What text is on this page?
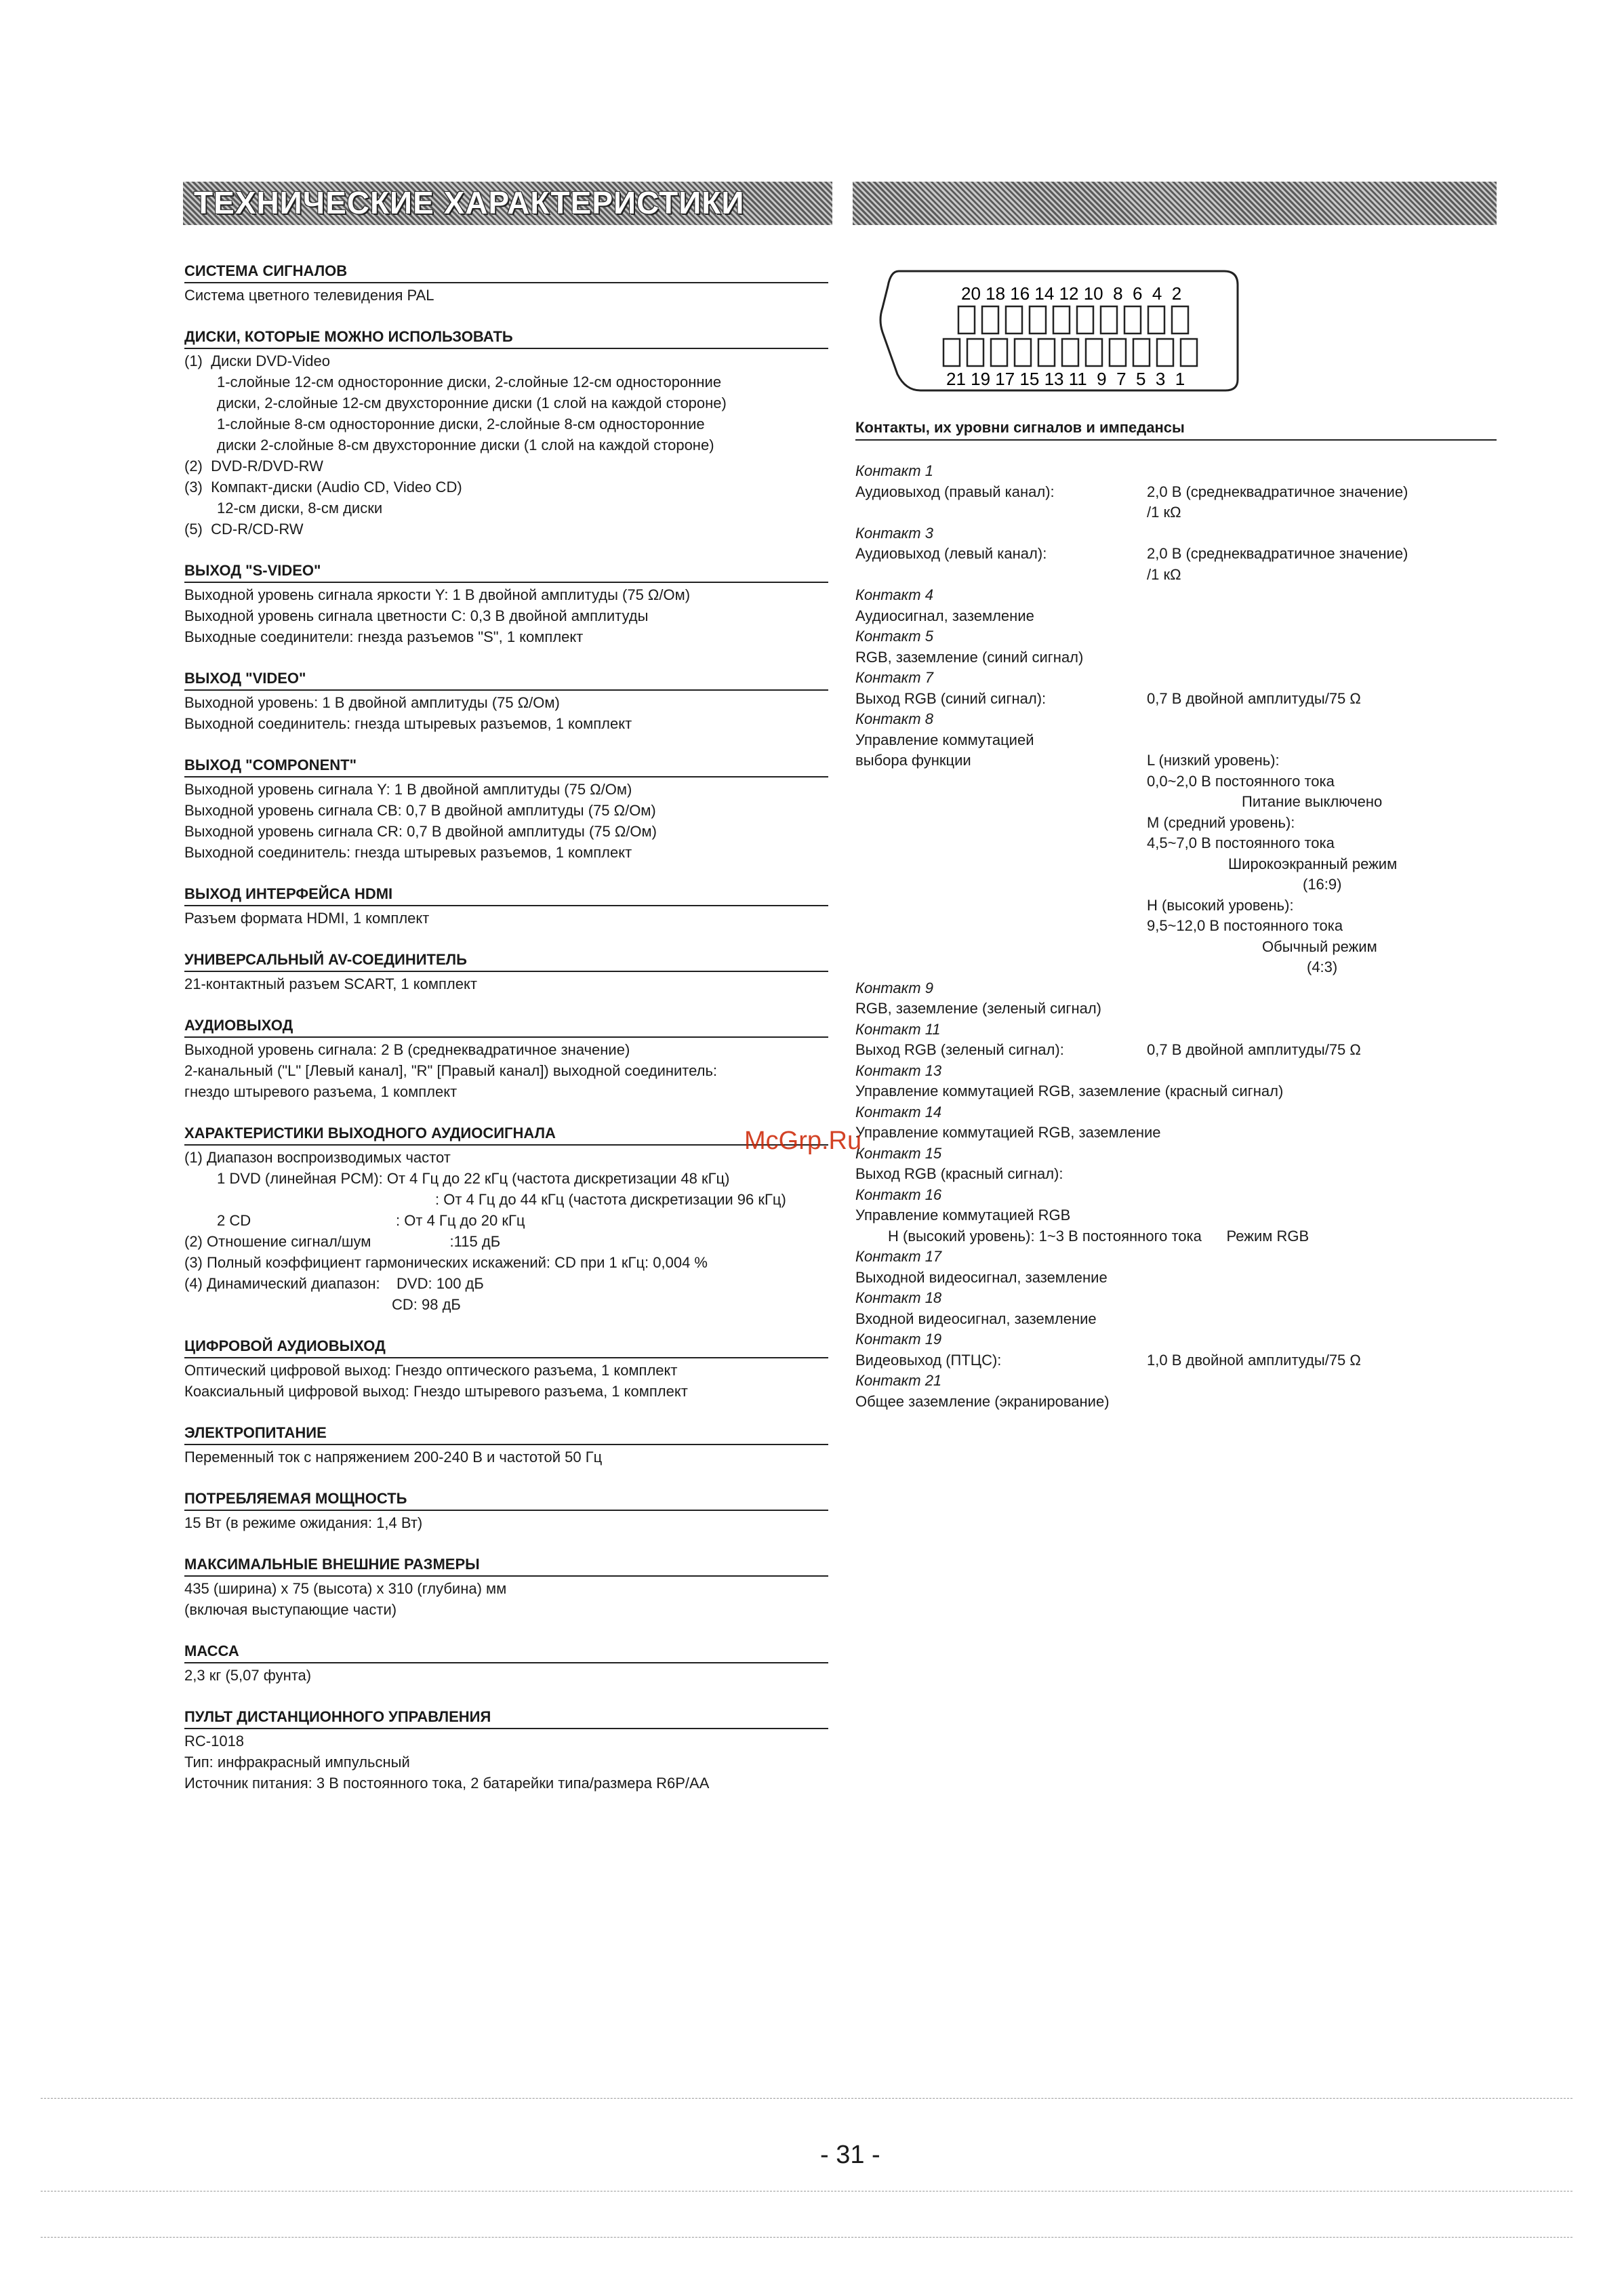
ТЕХНИЧЕСКИЕ ХАРАКТЕРИСТИКИ
СИСТЕМА СИГНАЛОВ
Система цветного телевидения PAL
ДИСКИ, КОТОРЫЕ МОЖНО ИСПОЛЬЗОВАТЬ
(1)  Диски DVD-Video
1-слойные 12-см односторонние диски, 2-слойные 12-см односторонние
диски, 2-слойные 12-см двухсторонние диски (1 слой на каждой стороне)
1-слойные 8-см односторонние диски, 2-слойные 8-см односторонние
диски 2-слойные 8-см двухсторонние диски (1 слой на каждой стороне)
(2)  DVD-R/DVD-RW
(3)  Компакт-диски (Audio CD, Video CD)
12-см диски, 8-см диски
(5)  CD-R/CD-RW
ВЫХОД "S-VIDEO"
Выходной уровень сигнала яркости Y: 1 В двойной амплитуды (75 Ω/Ом)
Выходной уровень сигнала цветности C: 0,3 В двойной амплитуды
Выходные соединители: гнезда разъемов "S", 1 комплект
ВЫХОД "VIDEO"
Выходной уровень: 1 В двойной амплитуды (75 Ω/Ом)
Выходной соединитель: гнезда штыревых разъемов, 1 комплект
ВЫХОД "COMPONENT"
Выходной уровень сигнала Y: 1 В двойной амплитуды (75 Ω/Ом)
Выходной уровень сигнала CB: 0,7 В двойной амплитуды (75 Ω/Ом)
Выходной уровень сигнала CR: 0,7 В двойной амплитуды (75 Ω/Ом)
Выходной соединитель: гнезда штыревых разъемов, 1 комплект
ВЫХОД ИНТЕРФЕЙСА HDMI
Разъем формата HDMI, 1 комплект
УНИВЕРСАЛЬНЫЙ AV-СОЕДИНИТЕЛЬ
21-контактный разъем SCART, 1 комплект
АУДИОВЫХОД
Выходной уровень сигнала: 2 В (среднеквадратичное значение)
2-канальный ("L" [Левый канал], "R" [Правый канал]) выходной соединитель:
гнездо штыревого разъема, 1 комплект
ХАРАКТЕРИСТИКИ ВЫХОДНОГО АУДИОСИГНАЛА
(1) Диапазон воспроизводимых частот
1 DVD (линейная PCM): От 4 Гц до 22 кГц (частота дискретизации 48 кГц)
: От 4 Гц до 44 кГц (частота дискретизации 96 кГц)
2 CD                                   : От 4 Гц до 20 кГц
(2) Отношение сигнал/шум                   :115 дБ
(3) Полный коэффициент гармонических искажений: CD при 1 кГц: 0,004 %
(4) Динамический диапазон:    DVD: 100 дБ
CD: 98 дБ
ЦИФРОВОЙ АУДИОВЫХОД
Оптический цифровой выход: Гнездо оптического разъема, 1 комплект
Коаксиальный цифровой выход: Гнездо штыревого разъема, 1 комплект
ЭЛЕКТРОПИТАНИЕ
Переменный ток с напряжением 200-240 В и частотой 50 Гц
ПОТРЕБЛЯЕМАЯ МОЩНОСТЬ
15 Вт (в режиме ожидания: 1,4 Вт)
МАКСИМАЛЬНЫЕ ВНЕШНИЕ РАЗМЕРЫ
435 (ширина) x 75 (высота) x 310 (глубина) мм
(включая выступающие части)
МАССА
2,3 кг (5,07 фунта)
ПУЛЬТ ДИСТАНЦИОННОГО УПРАВЛЕНИЯ
RC-1018
Тип: инфракрасный импульсный
Источник питания: 3 В постоянного тока, 2 батарейки типа/размера R6P/AA
20 18 16 14 12 10  8  6  4  2
21 19 17 15 13 11  9  7  5  3  1
Контакты, их уровни сигналов и импедансы
Контакт 1
Аудиовыход (правый канал):	2,0 В (среднеквадратичное значение)
/1 кΩ
Контакт 3
Аудиовыход (левый канал):	2,0 В (среднеквадратичное значение)
/1 кΩ
Контакт 4
Аудиосигнал, заземление
Контакт 5
RGB, заземление (синий сигнал)
Контакт 7
Выход RGB (синий сигнал):	0,7 В двойной амплитуды/75 Ω
Контакт 8
Управление коммутацией
выбора функции	L (низкий уровень):
0,0~2,0 В постоянного тока
Питание выключено
M (средний уровень):
4,5~7,0 В постоянного тока
Широкоэкранный режим
(16:9)
H (высокий уровень):
9,5~12,0 В постоянного тока
Обычный режим
(4:3)
Контакт 9
RGB, заземление (зеленый сигнал)
Контакт 11
Выход RGB (зеленый сигнал):	0,7 В двойной амплитуды/75 Ω
Контакт 13
Управление коммутацией RGB, заземление (красный сигнал)
Контакт 14
Управление коммутацией RGB, заземление
Контакт 15
Выход RGB (красный сигнал):
Контакт 16
Управление коммутацией RGB
H (высокий уровень): 1~3 В постоянного тока      Режим RGB
Контакт 17
Выходной видеосигнал, заземление
Контакт 18
Входной видеосигнал, заземление
Контакт 19
Видеовыход (ПТЦС):	1,0 В двойной амплитуды/75 Ω
Контакт 21
Общее заземление (экранирование)
McGrp.Ru
- 31 -
